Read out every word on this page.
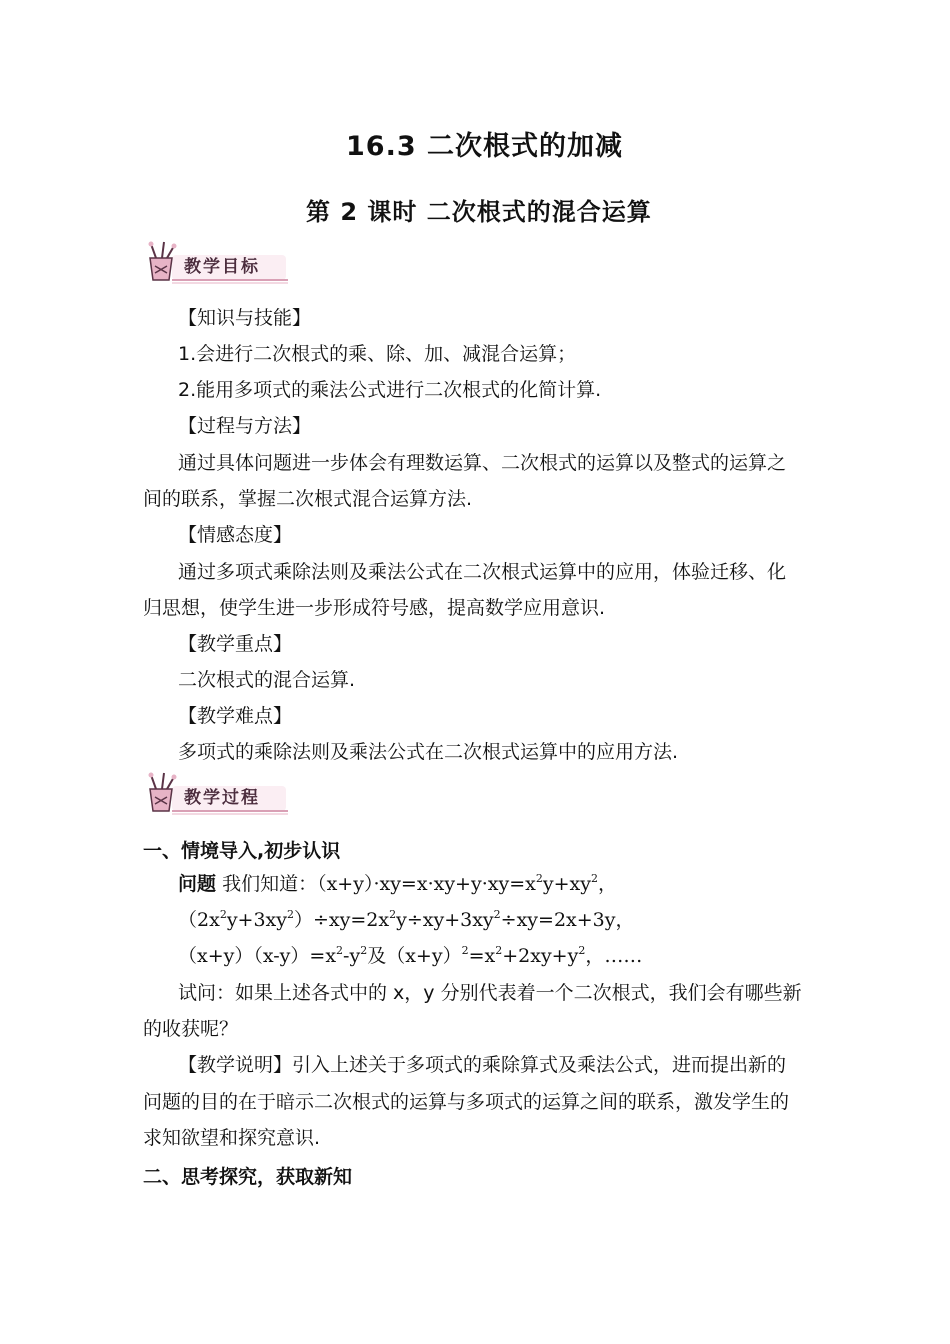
16.3 二次根式的加减
第 2 课时 二次根式的混合运算
教学目标
【知识与技能】
1.会进行二次根式的乘、除、加、减混合运算；
2.能用多项式的乘法公式进行二次根式的化简计算.
【过程与方法】
通过具体问题进一步体会有理数运算、二次根式的运算以及整式的运算之
间的联系，掌握二次根式混合运算方法.
【情感态度】
通过多项式乘除法则及乘法公式在二次根式运算中的应用，体验迁移、化
归思想，使学生进一步形成符号感，提高数学应用意识.
【教学重点】
二次根式的混合运算.
【教学难点】
多项式的乘除法则及乘法公式在二次根式运算中的应用方法.
教学过程
一、情境导入,初步认识
问题 我们知道：$(x+y)\cdot xy=x\cdot xy+y\cdot xy=x^2y+xy^2$，
$(2x^2y+3xy^2)\div xy=2x^2y\div xy+3xy^2\div xy=2x+3y$，
$(x+y)(x-y)=x^2-y^2$及$(x+y)^2=x^2+2xy+y^2$，……
试问：如果上述各式中的 x，y 分别代表着一个二次根式，我们会有哪些新
的收获呢？
【教学说明】引入上述关于多项式的乘除算式及乘法公式，进而提出新的
问题的目的在于暗示二次根式的运算与多项式的运算之间的联系，激发学生的
求知欲望和探究意识.
二、思考探究，获取新知
